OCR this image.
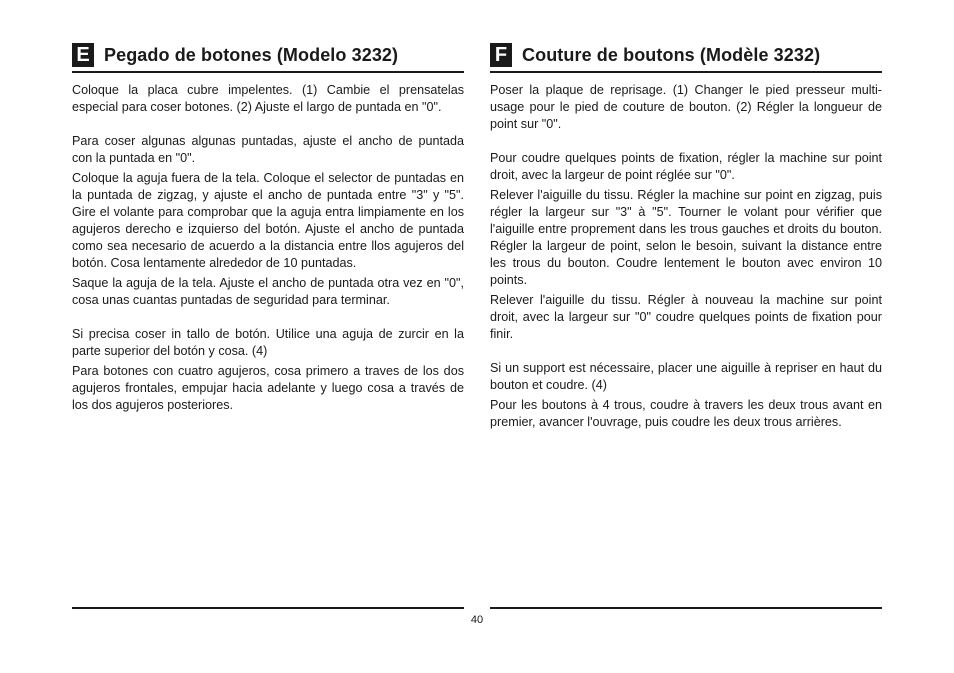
E Pegado de botones (Modelo 3232)

Coloque la placa cubre impelentes. (1) Cambie el prensatelas especial para coser botones. (2) Ajuste el largo de puntada en "0".

Para coser algunas algunas puntadas, ajuste el ancho de puntada con la puntada en "0".

Coloque la aguja fuera de la tela. Coloque el selector de puntadas en la puntada de zigzag, y ajuste el ancho de puntada entre "3" y "5". Gire el volante para comprobar que la aguja entra limpiamente en los agujeros derecho e izquierso del botón. Ajuste el ancho de puntada como sea necesario de acuerdo a la distancia entre llos agujeros del botón. Cosa lentamente alrededor de 10 puntadas.

Saque la aguja de la tela. Ajuste el ancho de puntada otra vez en "0", cosa unas cuantas puntadas de seguridad para terminar.

Si precisa coser in tallo de botón. Utilice una aguja de zurcir en la parte superior del botón y cosa. (4)

Para botones con cuatro agujeros, cosa primero a traves de los dos agujeros frontales, empujar hacia adelante y luego cosa a través de los dos agujeros posteriores.

F Couture de boutons (Modèle 3232)

Poser la plaque de reprisage. (1) Changer le pied presseur multi-usage pour le pied de couture de bouton. (2) Régler la longueur de point sur "0".

Pour coudre quelques points de fixation, régler la machine sur point droit, avec la largeur de point réglée sur "0".

Relever l'aiguille du tissu. Régler la machine sur point en zigzag, puis régler la largeur sur "3" à "5". Tourner le volant pour vérifier que l'aiguille entre proprement dans les trous gauches et droits du bouton. Régler la largeur de point, selon le besoin, suivant la distance entre les trous du bouton. Coudre lentement le bouton avec environ 10 points.

Relever l'aiguille du tissu. Régler à nouveau la machine sur point droit, avec la largeur sur "0" coudre quelques points de fixation pour finir.

Si un support est nécessaire, placer une aiguille à repriser en haut du bouton et coudre. (4)

Pour les boutons à 4 trous, coudre à travers les deux trous avant en premier, avancer l'ouvrage, puis coudre les deux trous arrières.

40
